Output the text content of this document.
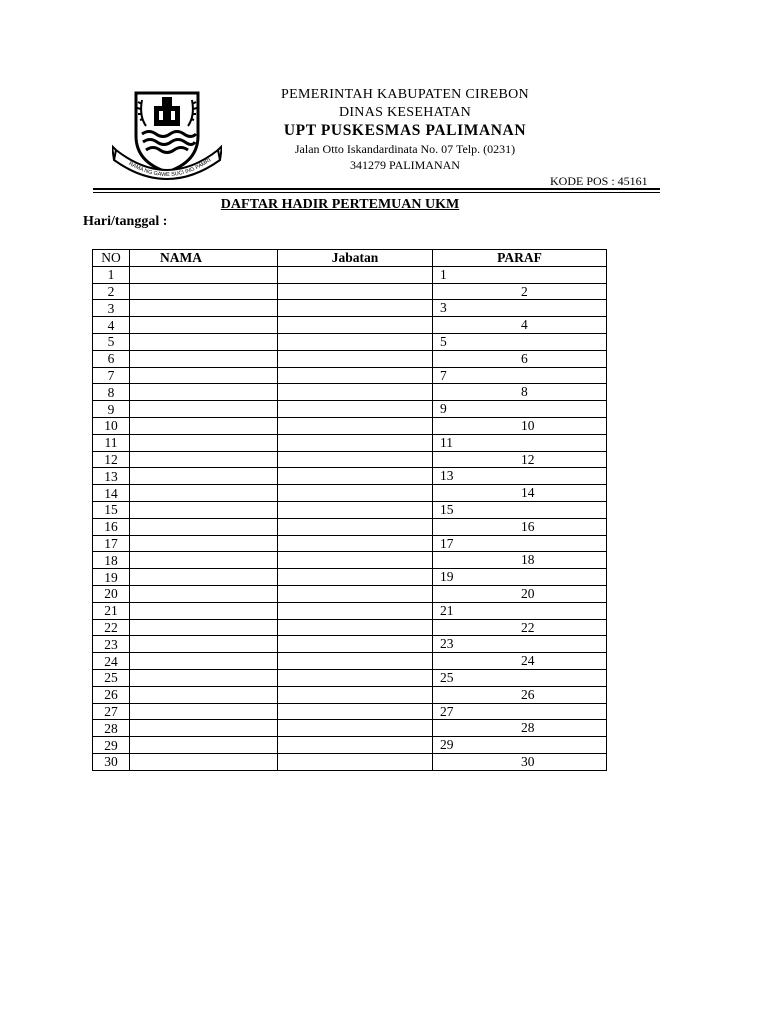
RAMA NG GAWE SUCI ING PAMRI
PEMERINTAH KABUPATEN CIREBON
DINAS KESEHATAN
UPT PUSKESMAS PALIMANAN
Jalan Otto Iskandardinata No. 07 Telp. (0231)
341279 PALIMANAN
KODE POS : 45161
DAFTAR HADIR PERTEMUAN UKM
Hari/tanggal :
NO	NAMA	Jabatan	PARAF
1			1

2			2

3			3

4			4

5			5

6			6

7			7

8			8

9			9

10			10

11			11

12			12

13			13

14			14

15			15

16			16

17			17

18			18

19			19

20			20

21			21

22			22

23			23

24			24

25			25

26			26

27			27

28			28

29			29

30			30
